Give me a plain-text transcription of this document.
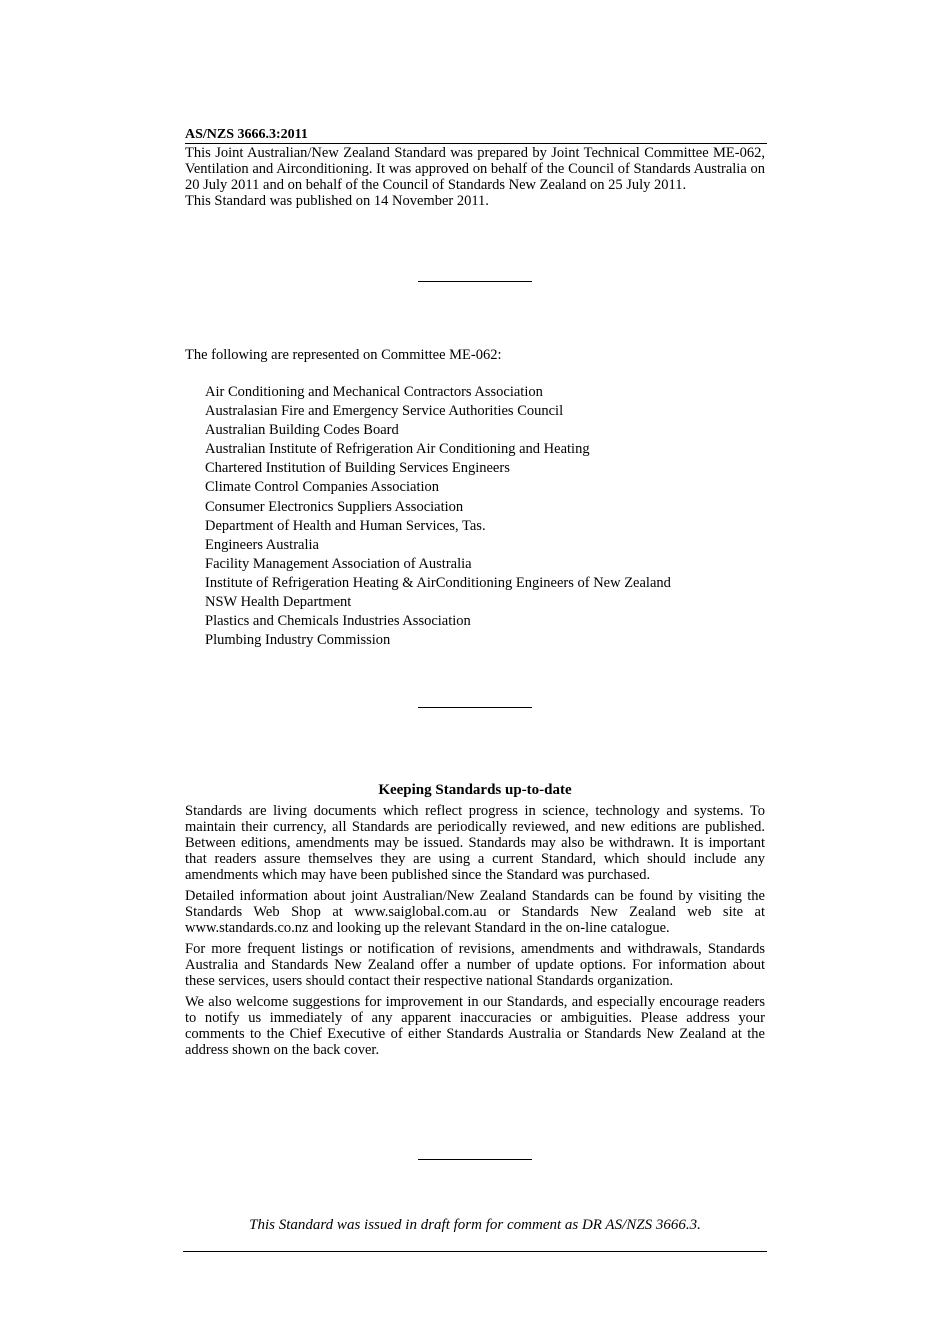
AS/NZS 3666.3:2011

This Joint Australian/New Zealand Standard was prepared by Joint Technical Committee ME-062, Ventilation and Airconditioning. It was approved on behalf of the Council of Standards Australia on 20 July 2011 and on behalf of the Council of Standards New Zealand on 25 July 2011.

This Standard was published on 14 November 2011.

The following are represented on Committee ME-062:
Air Conditioning and Mechanical Contractors Association
Australasian Fire and Emergency Service Authorities Council
Australian Building Codes Board
Australian Institute of Refrigeration Air Conditioning and Heating
Chartered Institution of Building Services Engineers
Climate Control Companies Association
Consumer Electronics Suppliers Association
Department of Health and Human Services, Tas.
Engineers Australia
Facility Management Association of Australia
Institute of Refrigeration Heating & AirConditioning Engineers of New Zealand
NSW Health Department
Plastics and Chemicals Industries Association
Plumbing Industry Commission
Keeping Standards up-to-date

Standards are living documents which reflect progress in science, technology and systems. To maintain their currency, all Standards are periodically reviewed, and new editions are published. Between editions, amendments may be issued. Standards may also be withdrawn. It is important that readers assure themselves they are using a current Standard, which should include any amendments which may have been published since the Standard was purchased.

Detailed information about joint Australian/New Zealand Standards can be found by visiting the Standards Web Shop at www.saiglobal.com.au or Standards New Zealand web site at www.standards.co.nz and looking up the relevant Standard in the on-line catalogue.

For more frequent listings or notification of revisions, amendments and withdrawals, Standards Australia and Standards New Zealand offer a number of update options. For information about these services, users should contact their respective national Standards organization.

We also welcome suggestions for improvement in our Standards, and especially encourage readers to notify us immediately of any apparent inaccuracies or ambiguities. Please address your comments to the Chief Executive of either Standards Australia or Standards New Zealand at the address shown on the back cover.

This Standard was issued in draft form for comment as DR AS/NZS 3666.3.
